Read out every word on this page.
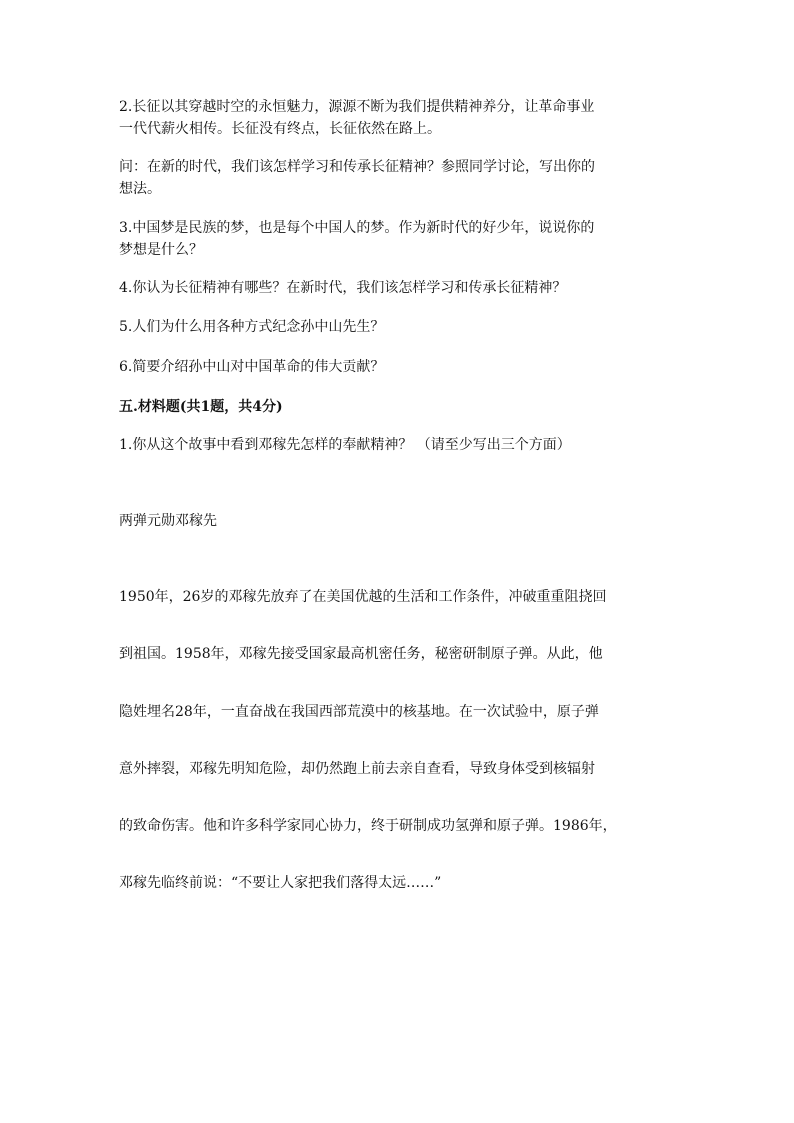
2.长征以其穿越时空的永恒魅力，源源不断为我们提供精神养分，让革命事业
一代代薪火相传。长征没有终点，长征依然在路上。
问：在新的时代，我们该怎样学习和传承长征精神？参照同学讨论，写出你的
想法。
3.中国梦是民族的梦，也是每个中国人的梦。作为新时代的好少年，说说你的
梦想是什么？
4.你认为长征精神有哪些？在新时代，我们该怎样学习和传承长征精神？
5.人们为什么用各种方式纪念孙中山先生？
6.简要介绍孙中山对中国革命的伟大贡献？
五.材料题(共1题，共4分)
1.你从这个故事中看到邓稼先怎样的奉献精神？ （请至少写出三个方面）
两弹元勋邓稼先
1950年，26岁的邓稼先放弃了在美国优越的生活和工作条件，冲破重重阻挠回
到祖国。1958年，邓稼先接受国家最高机密任务，秘密研制原子弹。从此，他
隐姓埋名28年，一直奋战在我国西部荒漠中的核基地。在一次试验中，原子弹
意外摔裂，邓稼先明知危险，却仍然跑上前去亲自查看，导致身体受到核辐射
的致命伤害。他和许多科学家同心协力，终于研制成功氢弹和原子弹。1986年，
邓稼先临终前说：“不要让人家把我们落得太远……”
